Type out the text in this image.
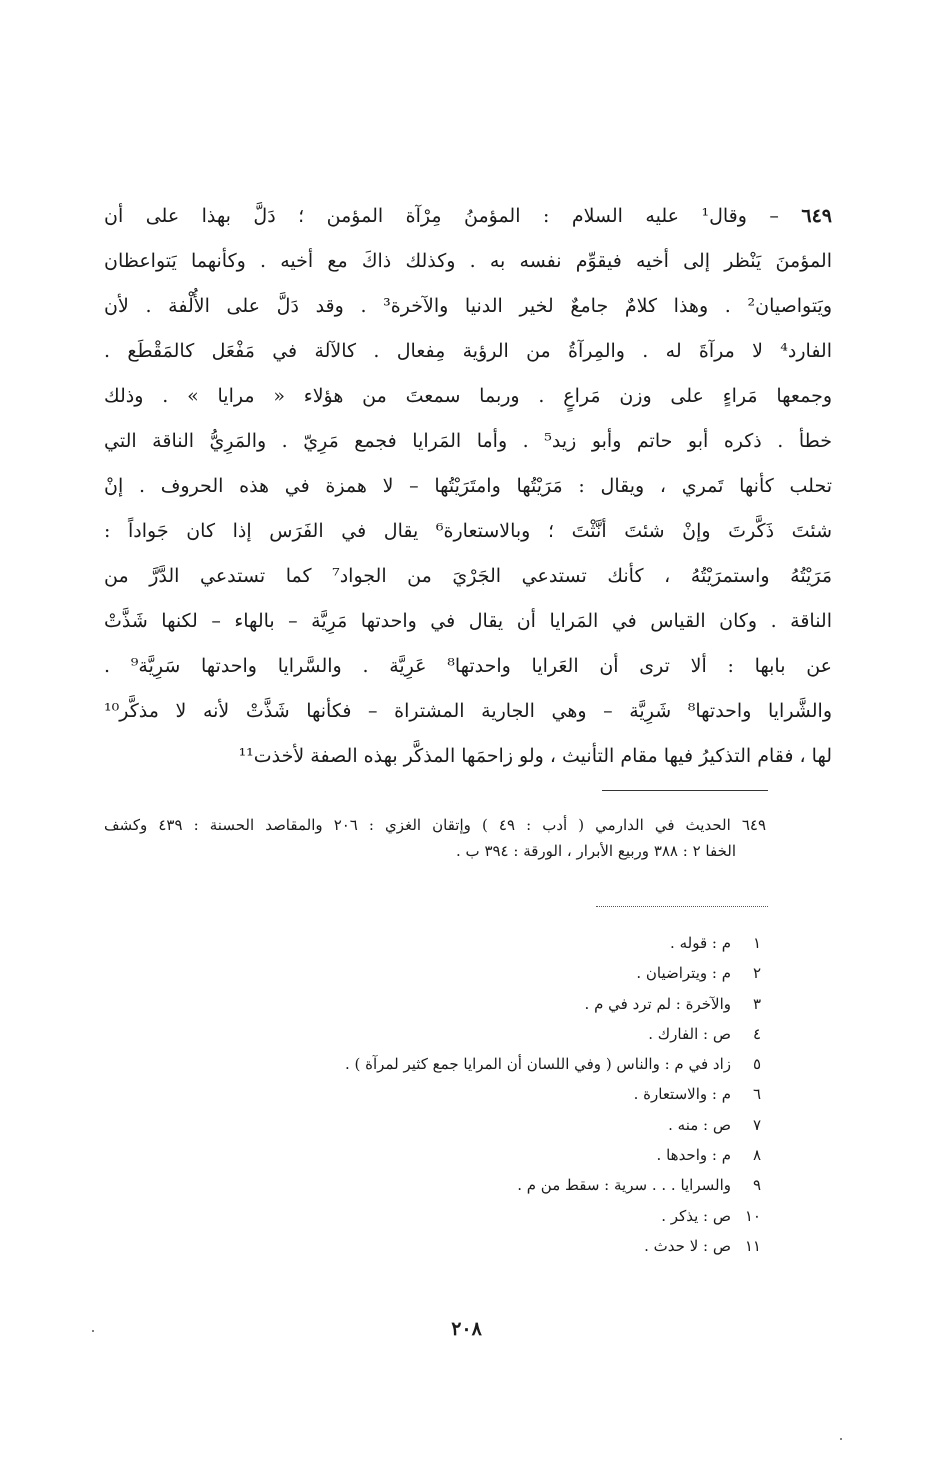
٦٤٩ – وقال¹ عليه السلام : المؤمنُ مِرْآة المؤمن ؛ دَلَّ بهذا على أن
المؤمنَ يَنْظر إلى أخيه فيقوِّم نفسه به . وكذلك ذاكَ مع أخيه . وكأنهما يَتواعظان
ويَتواصيان² . وهذا كلامٌ جامعٌ لخير الدنيا والآخرة³ . وقد دَلَّ على الأُلْفة . لأن
الفارد⁴ لا مرآةَ له . والمِرآةُ من الرؤية مِفعال . كالآلة في مَفْعَل كالمَقْطَع .
وجمعها مَراءٍ على وزن مَراعٍ . وربما سمعتَ من هؤلاء « مرايا » . وذلك
خطأ . ذكره أبو حاتم وأبو زيد⁵ . وأما المَرايا فجمع مَرِيّ . والمَرِيُّ الناقة التي
تحلب كأنها تَمري ، ويقال : مَرَيْتُها وامتَرَيْتُها – لا همزة في هذه الحروف . إنْ
شئتَ ذَكَّرتَ وإنْ شئتَ أنَّثْتَ ؛ وبالاستعارة⁶ يقال في الفَرَس إذا كان جَواداً :
مَرَيْتُهُ واستمرَيْتُهُ ، كأنك تستدعي الجَرْيَ من الجواد⁷ كما تستدعي الدَّرَّ من
الناقة . وكان القياس في المَرايا أن يقال في واحدتها مَرِيَّة – بالهاء – لكنها شَذَّتْ
عن بابها : ألا ترى أن العَرايا واحدتها⁸ عَرِيَّة . والسَّرايا واحدتها سَرِيَّة⁹ .
والشَّرايا واحدتها⁸ شَرِيَّة – وهي الجارية المشتراة – فكأنها شَذَّتْ لأنه لا مذكَّر¹⁰
لها ، فقام التذكيرُ فيها مقام التأنيث ، ولو زاحمَها المذكَّر بهذه الصفة لأخذت¹¹
٦٤٩ الحديث في الدارمي ( أدب : ٤٩ ) وإتقان الغزي : ٢٠٦ والمقاصد الحسنة : ٤٣٩ وكشف
الخفا ٢ : ٣٨٨ وربيع الأبرار ، الورقة : ٣٩٤ ب .
١
م : قوله .
٢
م : ويتراضيان .
٣
والآخرة : لم ترد في م .
٤
ص : الفارك .
٥
زاد في م : والناس ( وفي اللسان أن المرايا جمع كثير لمرآة ) .
٦
م : والاستعارة .
٧
ص : منه .
٨
م : واحدها .
٩
والسرايا . . . سرية : سقط من م .
١٠
ص : يذكر .
١١
ص : لا حدث .
٢٠٨
